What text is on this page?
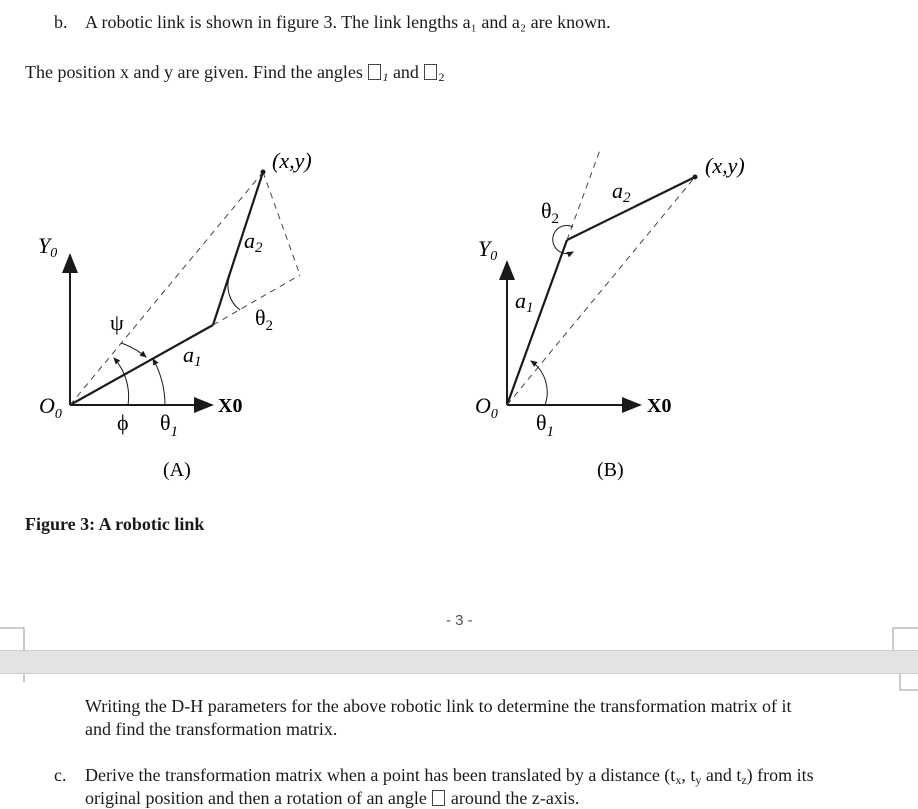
b. A robotic link is shown in figure 3. The link lengths a₁ and a₂ are known.
The position x and y are given. Find the angles $_1$ and $_2$
(x,y)
a2
$\theta_2$
ψ
a1
Y0
X0
$O_0$	ϕ $\theta_1$
(A)
(x,y)
a2
$\theta_2$
a1
Y0
X0
$O_0$ $\theta_1$
(B)
Figure 3: A robotic link
- 3 -
Writing the D-H parameters for the above robotic link to determine the transformation matrix of it
and find the transformation matrix.
c. Derive the transformation matrix when a point has been translated by a distance ($t_x$, $t_y$ and $t_z$) from its
original position and then a rotation of an angle  around the z-axis.
